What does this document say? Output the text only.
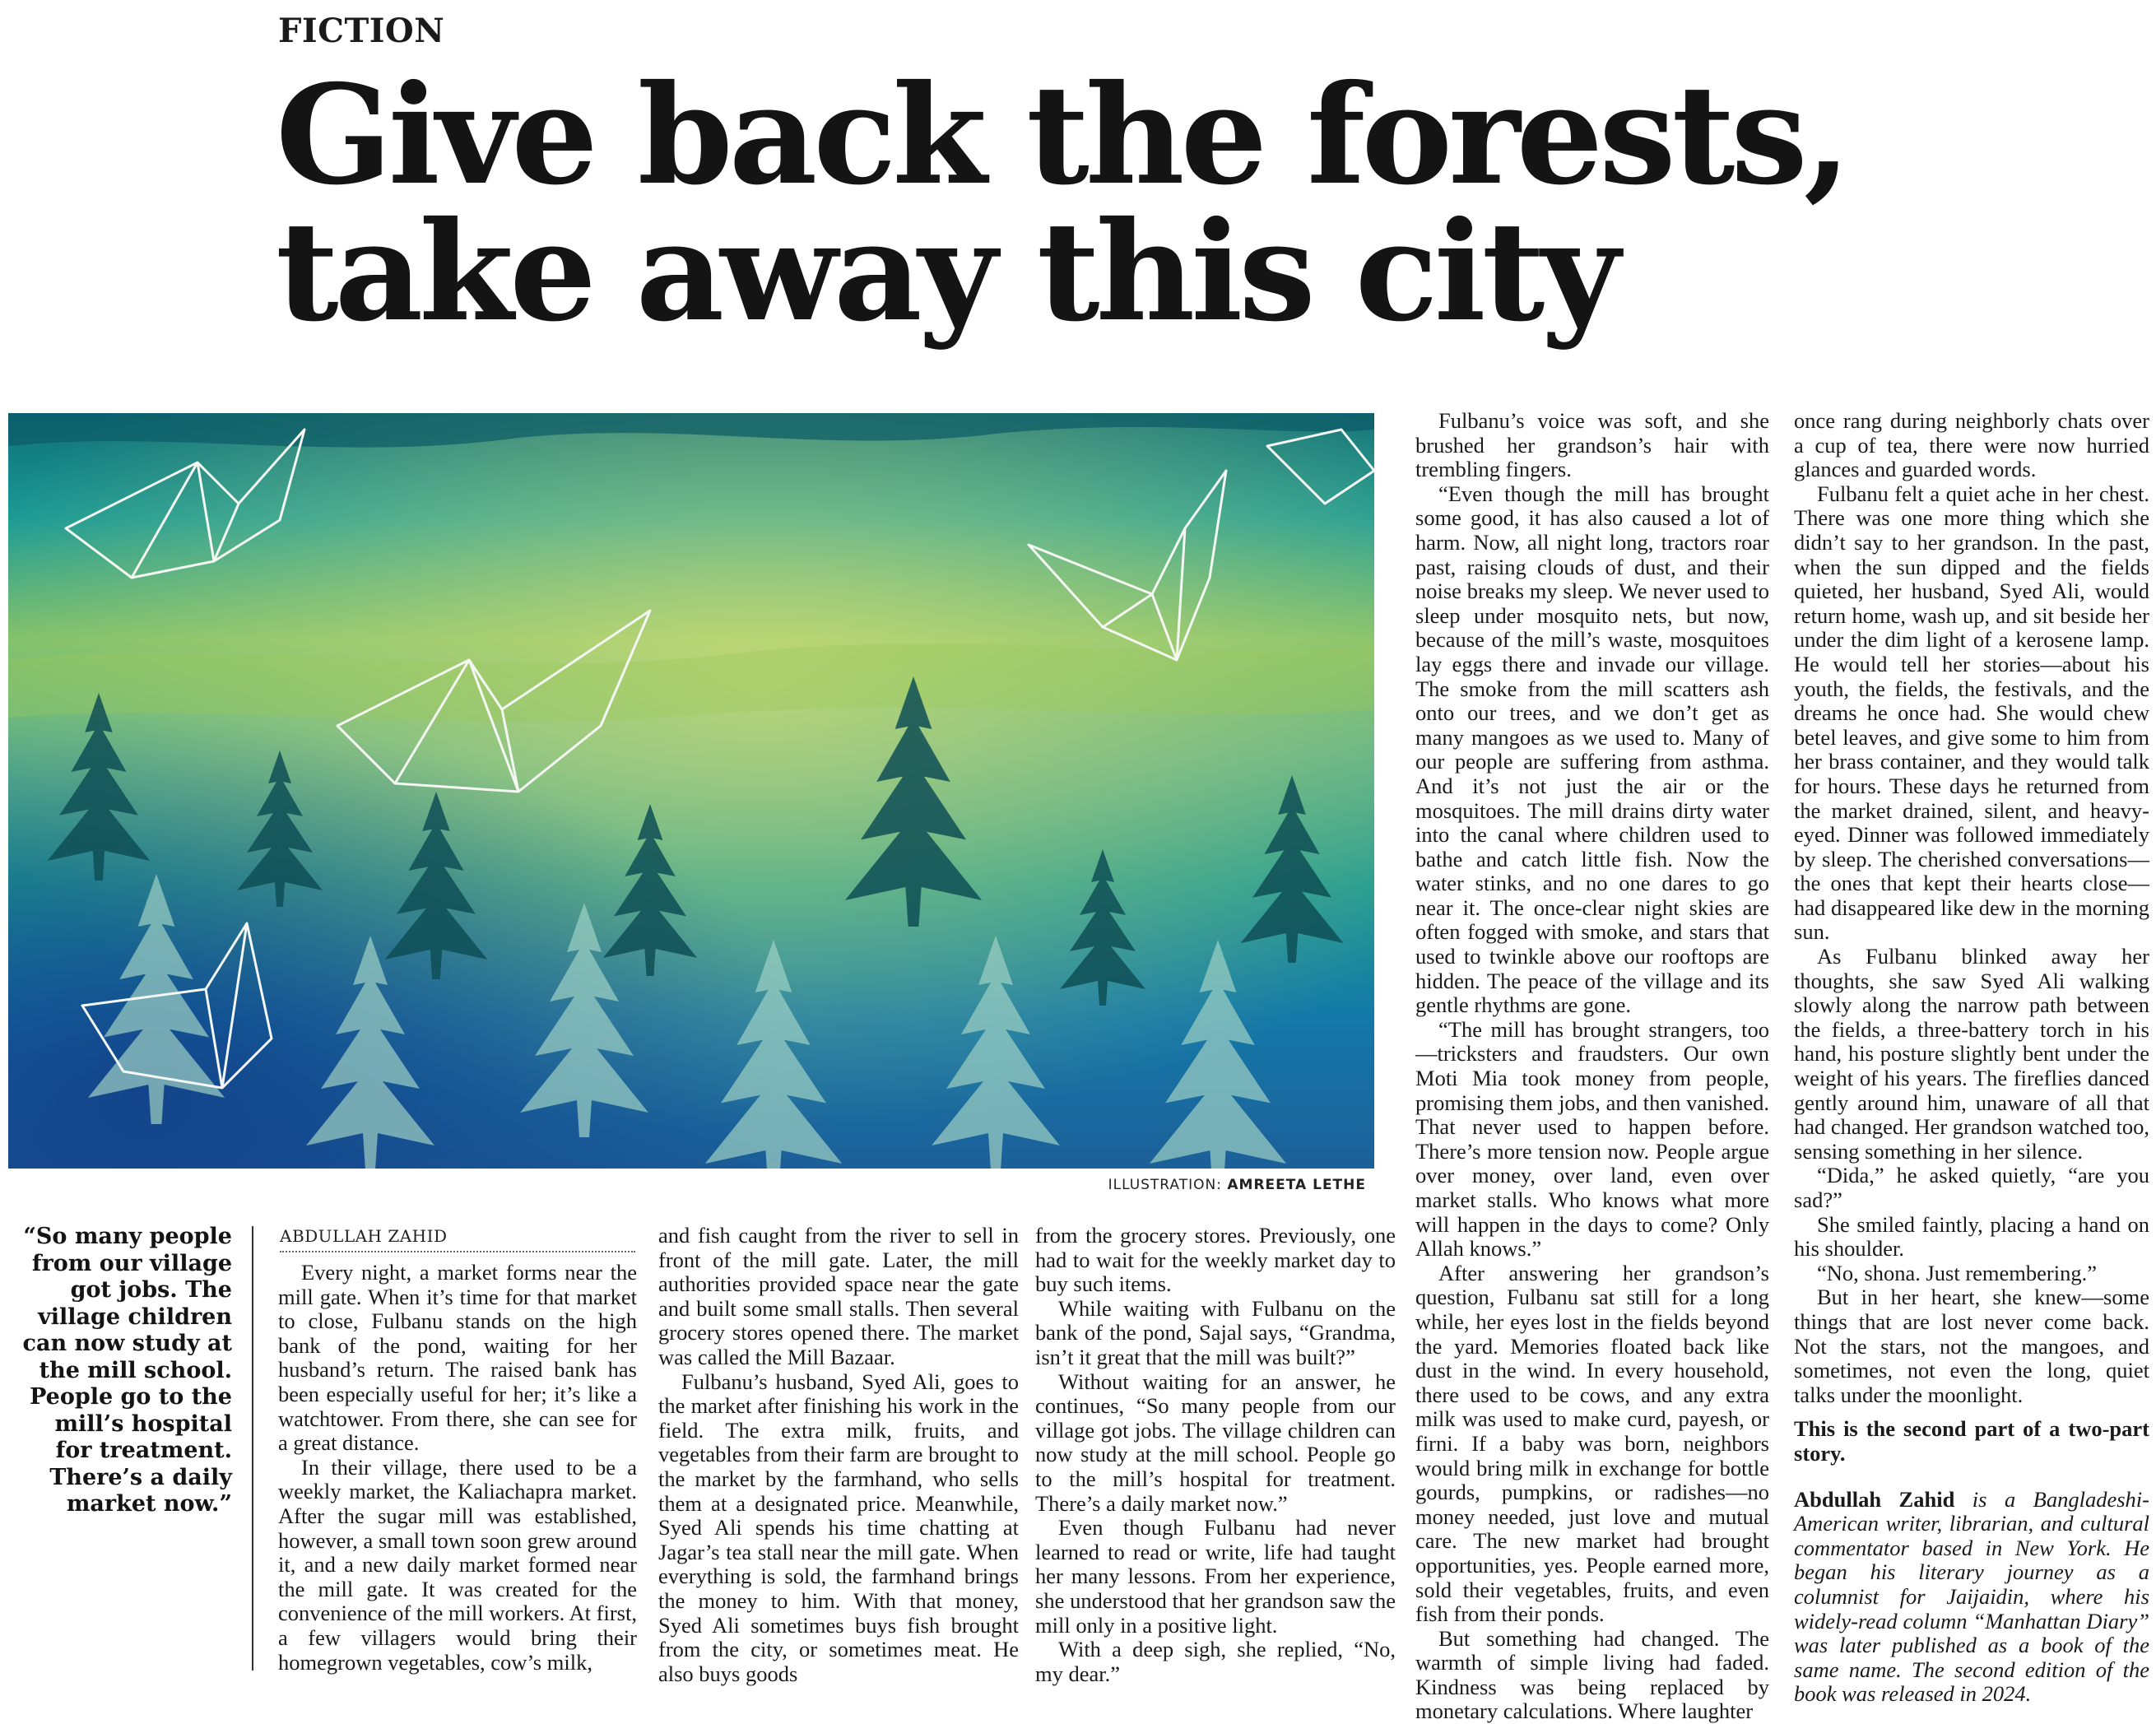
FICTION
Give back the forests,
take away this city
ILLUSTRATION: AMREETA LETHE
“So many people from our village got jobs. The village children can now study at the mill school. People go to the mill’s hospital for treatment. There’s a daily market now.”
ABDULLAH ZAHID

Every night, a market forms near the mill gate. When it’s time for that market to close, Fulbanu stands on the high bank of the pond, waiting for her husband’s return. The raised bank has been especially useful for her; it’s like a watchtower. From there, she can see for a great distance.

In their village, there used to be a weekly market, the Kaliachapra market. After the sugar mill was established, however, a small town soon grew around it, and a new daily market formed near the mill gate. It was created for the convenience of the mill workers. At first, a few villagers would bring their homegrown vegetables, cow’s milk,

and fish caught from the river to sell in front of the mill gate. Later, the mill authorities provided space near the gate and built some small stalls. Then several grocery stores opened there. The market was called the Mill Bazaar.

Fulbanu’s husband, Syed Ali, goes to the market after finishing his work in the field. The extra milk, fruits, and vegetables from their farm are brought to the market by the farmhand, who sells them at a designated price. Meanwhile, Syed Ali spends his time chatting at Jagar’s tea stall near the mill gate. When everything is sold, the farmhand brings the money to him. With that money, Syed Ali sometimes buys fish brought from the city, or sometimes meat. He also buys goods

from the grocery stores. Previously, one had to wait for the weekly market day to buy such items.

While waiting with Fulbanu on the bank of the pond, Sajal says, “Grandma, isn’t it great that the mill was built?”

Without waiting for an answer, he continues, “So many people from our village got jobs. The village children can now study at the mill school. People go to the mill’s hospital for treatment. There’s a daily market now.”

Even though Fulbanu had never learned to read or write, life had taught her many lessons. From her experience, she understood that her grandson saw the mill only in a positive light.

With a deep sigh, she replied, “No, my dear.”

Fulbanu’s voice was soft, and she brushed her grandson’s hair with trembling fingers.

“Even though the mill has brought some good, it has also caused a lot of harm. Now, all night long, tractors roar past, raising clouds of dust, and their noise breaks my sleep. We never used to sleep under mosquito nets, but now, because of the mill’s waste, mosquitoes lay eggs there and invade our village. The smoke from the mill scatters ash onto our trees, and we don’t get as many mangoes as we used to. Many of our people are suffering from asthma. And it’s not just the air or the mosquitoes. The mill drains dirty water into the canal where children used to bathe and catch little fish. Now the water stinks, and no one dares to go near it. The once-clear night skies are often fogged with smoke, and stars that used to twinkle above our rooftops are hidden. The peace of the village and its gentle rhythms are gone.

“The mill has brought strangers, too—tricksters and fraudsters. Our own Moti Mia took money from people, promising them jobs, and then vanished. That never used to happen before. There’s more tension now. People argue over money, over land, even over market stalls. Who knows what more will happen in the days to come? Only Allah knows.”

After answering her grandson’s question, Fulbanu sat still for a long while, her eyes lost in the fields beyond the yard. Memories floated back like dust in the wind. In every household, there used to be cows, and any extra milk was used to make curd, payesh, or firni. If a baby was born, neighbors would bring milk in exchange for bottle gourds, pumpkins, or radishes—no money needed, just love and mutual care. The new market had brought opportunities, yes. People earned more, sold their vegetables, fruits, and even fish from their ponds.

But something had changed. The warmth of simple living had faded. Kindness was being replaced by monetary calculations. Where laughter

once rang during neighborly chats over a cup of tea, there were now hurried glances and guarded words.

Fulbanu felt a quiet ache in her chest. There was one more thing which she didn’t say to her grandson. In the past, when the sun dipped and the fields quieted, her husband, Syed Ali, would return home, wash up, and sit beside her under the dim light of a kerosene lamp. He would tell her stories—about his youth, the fields, the festivals, and the dreams he once had. She would chew betel leaves, and give some to him from her brass container, and they would talk for hours. These days he returned from the market drained, silent, and heavy-eyed. Dinner was followed immediately by sleep. The cherished conversations—the ones that kept their hearts close—had disappeared like dew in the morning sun.

As Fulbanu blinked away her thoughts, she saw Syed Ali walking slowly along the narrow path between the fields, a three-battery torch in his hand, his posture slightly bent under the weight of his years. The fireflies danced gently around him, unaware of all that had changed. Her grandson watched too, sensing something in her silence.

“Dida,” he asked quietly, “are you sad?”

She smiled faintly, placing a hand on his shoulder.

“No, shona. Just remembering.”

But in her heart, she knew—some things that are lost never come back. Not the stars, not the mangoes, and sometimes, not even the long, quiet talks under the moonlight.

This is the second part of a two-part story.

Abdullah Zahid is a Bangladeshi-American writer, librarian, and cultural commentator based in New York. He began his literary journey as a columnist for Jaijaidin, where his widely-read column “Manhattan Diary” was later published as a book of the same name. The second edition of the book was released in 2024.
